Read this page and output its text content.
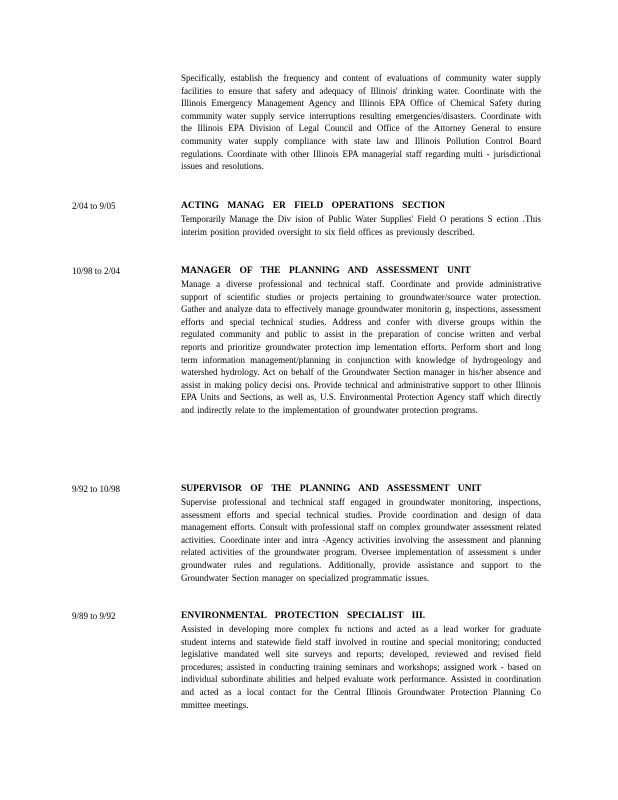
Specifically, establish the frequency and content of evaluations of community water supply facilities to ensure that safety and adequacy of Illinois' drinking water. Coordinate with the Illinois Emergency Management Agency and Illinois EPA Office of Chemical Safety during community water supply service interruptions resulting emergencies/disasters. Coordinate with the Illinois EPA Division of Legal Council and Office of the Attorney General to ensure community water supply compliance with state law and Illinois Pollution Control Board regulations. Coordinate with other Illinois EPA managerial staff regarding multi - jurisdictional issues and resolutions.
2/04 to 9/05	ACTING MANAG ER FIELD OPERATIONS SECTION
Temporarily Manage the Div ision of Public Water Supplies' Field O perations S ection .This interim position provided oversight to six field offices as previously described.
10/98 to 2/04	MANAGER OF THE PLANNING AND ASSESSMENT UNIT
Manage a diverse professional and technical staff. Coordinate and provide administrative support of scientific studies or projects pertaining to groundwater/source water protection. Gather and analyze data to effectively manage groundwater monitorin g, inspections, assessment efforts and special technical studies. Address and confer with diverse groups within the regulated community and public to assist in the preparation of concise written and verbal reports and prioritize groundwater protection imp lementation efforts. Perform short and long term information management/planning in conjunction with knowledge of hydrogeology and watershed hydrology. Act on behalf of the Groundwater Section manager in his/her absence and assist in making policy decisi ons. Provide technical and administrative support to other Illinois EPA Units and Sections, as well as, U.S. Environmental Protection Agency staff which directly and indirectly relate to the implementation of groundwater protection programs.
9/92 to 10/98	SUPERVISOR OF THE PLANNING AND ASSESSMENT UNIT
Supervise professional and technical staff engaged in groundwater monitoring, inspections, assessment efforts and special technical studies. Provide coordination and design of data management efforts. Consult with professional staff on complex groundwater assessment related activities. Coordinate inter and intra -Agency activities involving the assessment and planning related activities of the groundwater program. Oversee implementation of assessment s under groundwater rules and regulations. Additionally, provide assistance and support to the Groundwater Section manager on specialized programmatic issues.
9/89 to 9/92	ENVIRONMENTAL PROTECTION SPECIALIST III.
Assisted in developing more complex fu nctions and acted as a lead worker for graduate student interns and statewide field staff involved in routine and special monitoring; conducted legislative mandated well site surveys and reports; developed, reviewed and revised field procedures; assisted in conducting training seminars and workshops; assigned work - based on individual subordinate abilities and helped evaluate work performance. Assisted in coordination and acted as a local contact for the Central Illinois Groundwater Protection Planning Co mmittee meetings.
